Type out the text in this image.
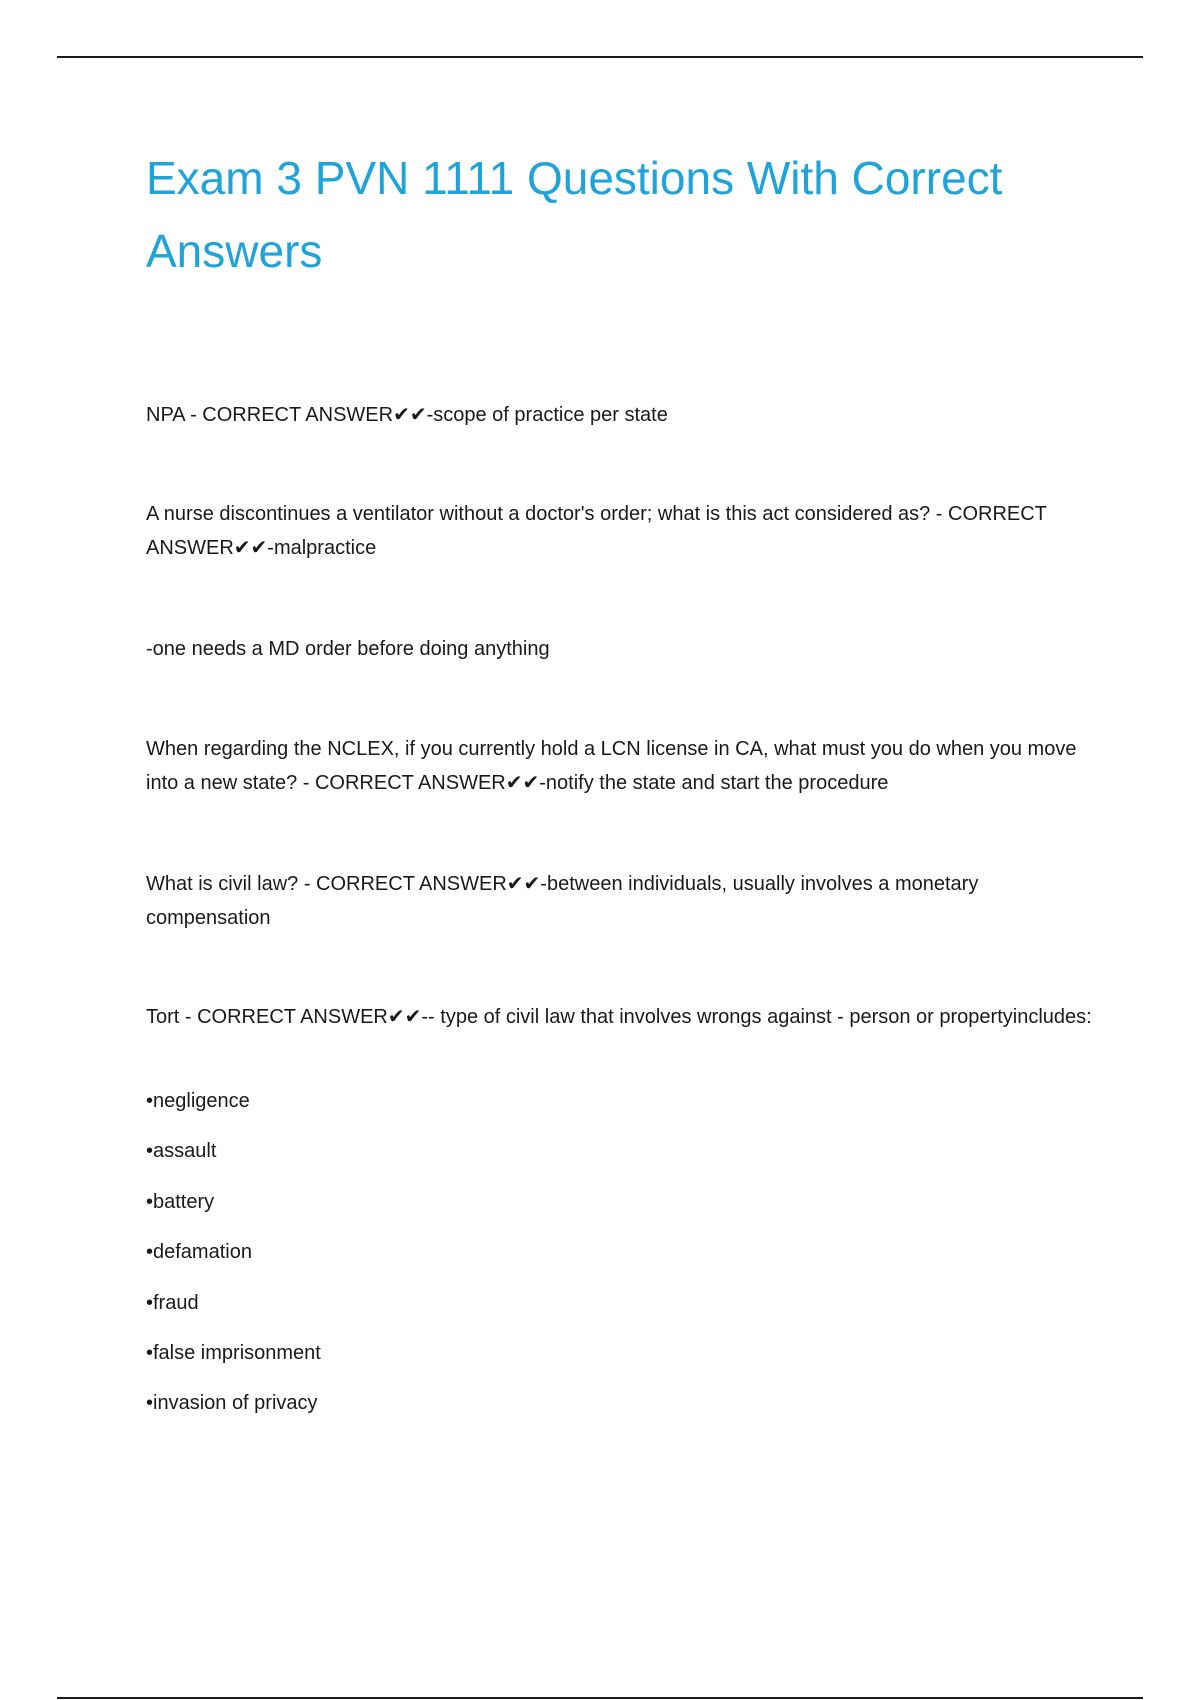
Exam 3 PVN 1111 Questions With Correct Answers

NPA - CORRECT ANSWER✔✔-scope of practice per state

A nurse discontinues a ventilator without a doctor's order; what is this act considered as? - CORRECT ANSWER✔✔-malpractice

-one needs a MD order before doing anything

When regarding the NCLEX, if you currently hold a LCN license in CA, what must you do when you move into a new state? - CORRECT ANSWER✔✔-notify the state and start the procedure

What is civil law? - CORRECT ANSWER✔✔-between individuals, usually involves a monetary compensation

Tort - CORRECT ANSWER✔✔-- type of civil law that involves wrongs against - person or propertyincludes:

•negligence
•assault
•battery
•defamation
•fraud
•false imprisonment
•invasion of privacy
